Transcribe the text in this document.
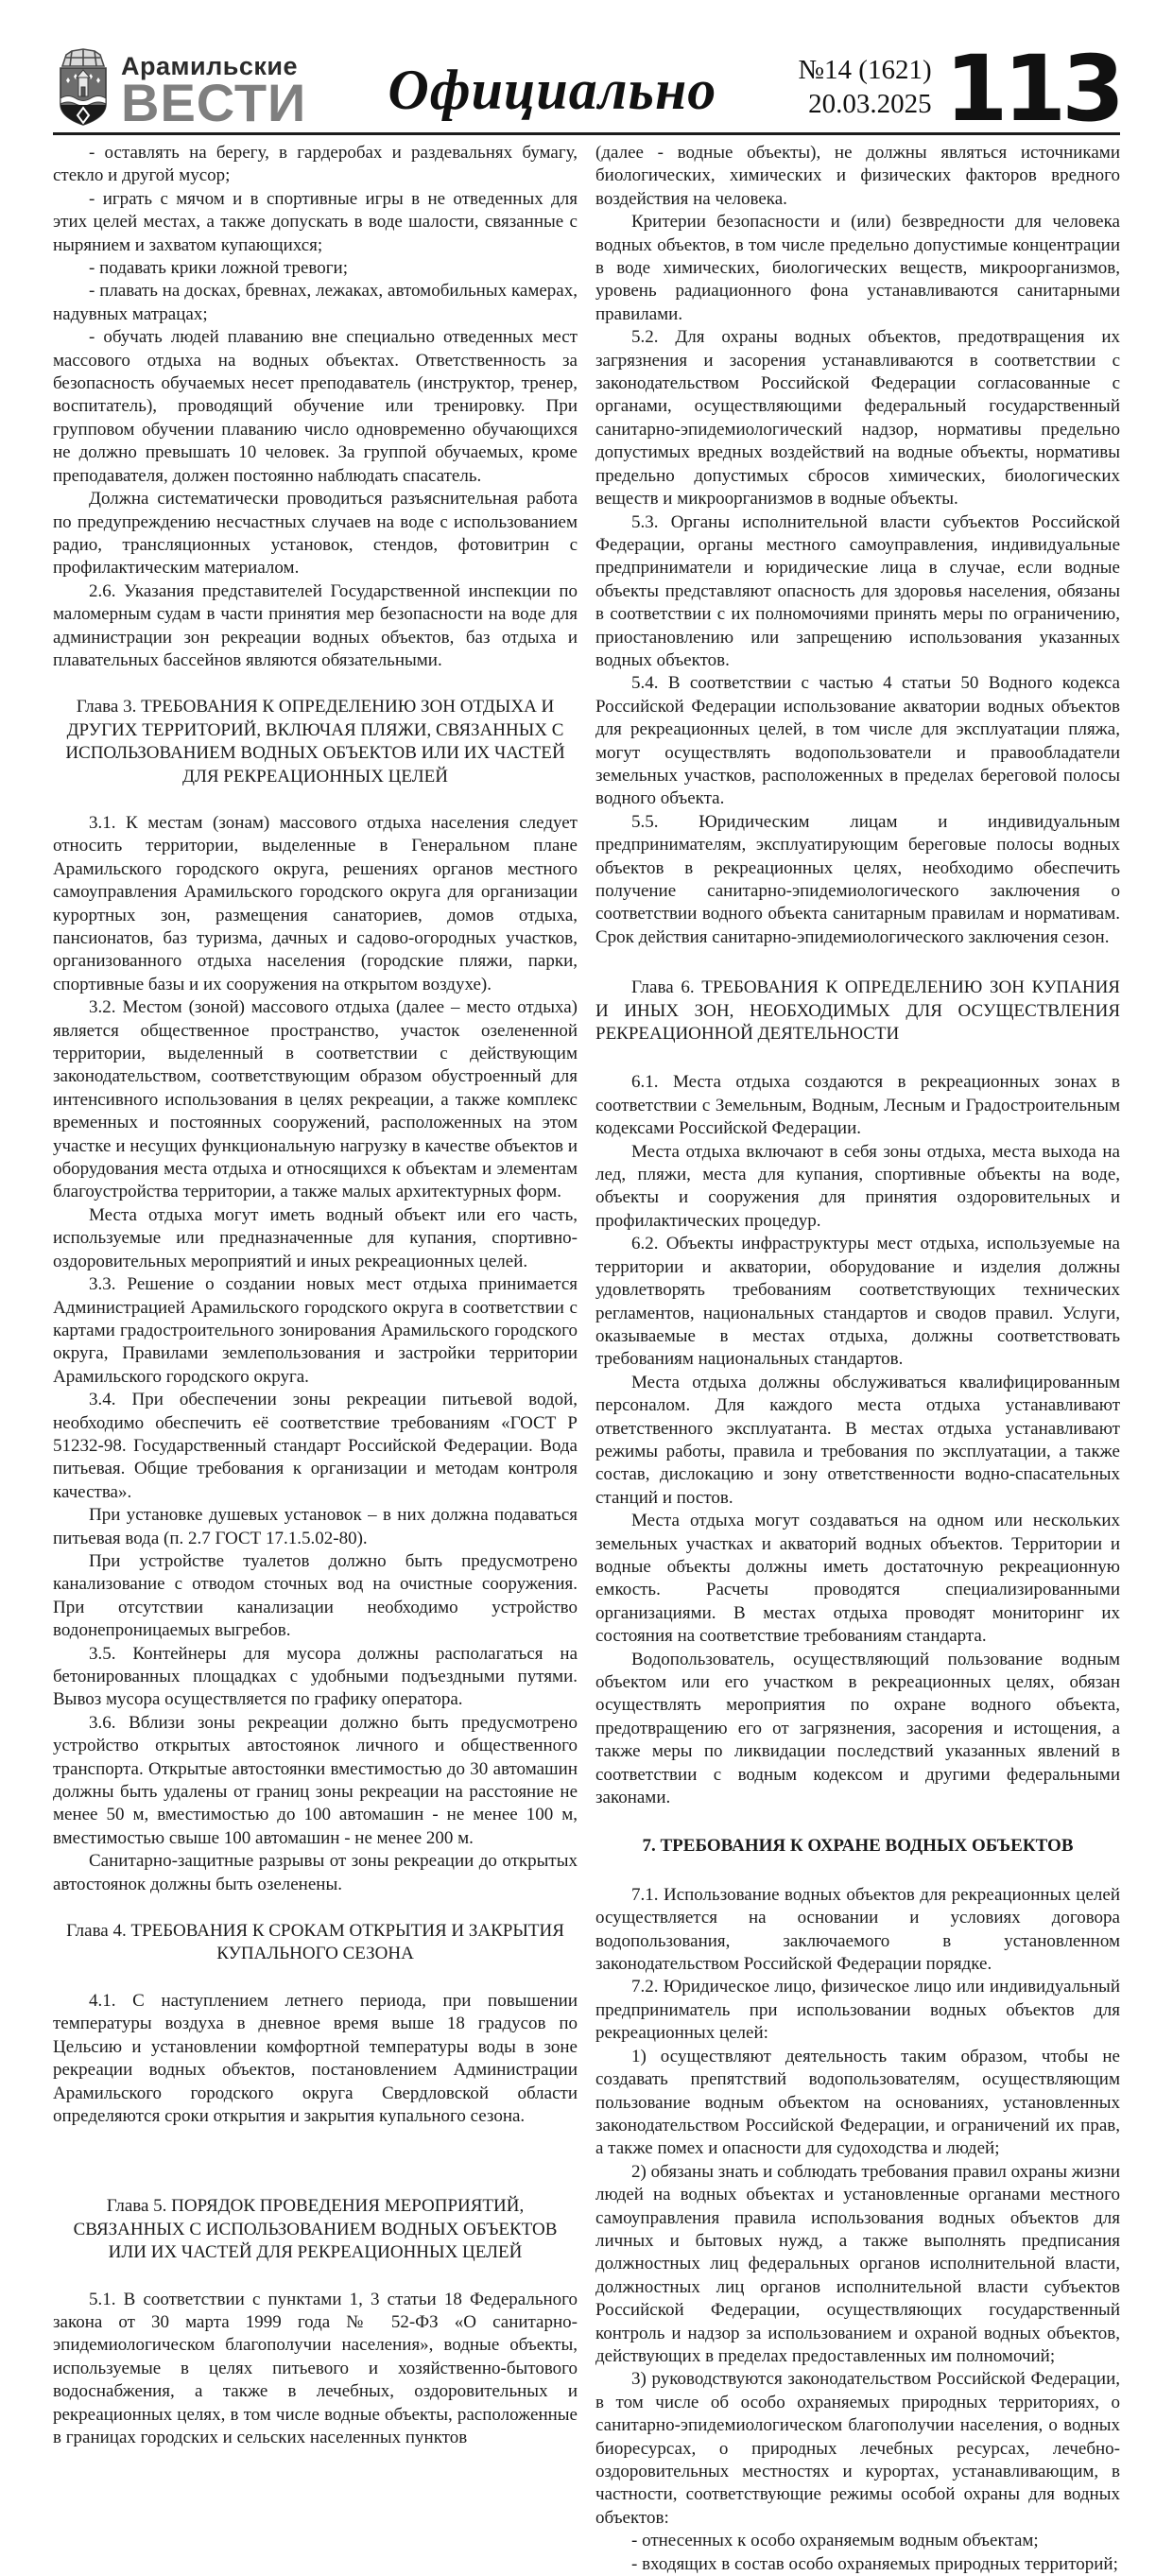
Арамильские
ВЕСТИ	Официально	№14 (1621)
20.03.2025 113

- оставлять на берегу, в гардеробах и раздевальнях бумагу, стекло и другой мусор;

- играть с мячом и в спортивные игры в не отведенных для этих целей местах, а также допускать в воде шалости, связанные с нырянием и захватом купающихся;

- подавать крики ложной тревоги;

- плавать на досках, бревнах, лежаках, автомобильных камерах, надувных матрацах;

- обучать людей плаванию вне специально отведенных мест массового отдыха на водных объектах. Ответственность за безопасность обучаемых несет преподаватель (инструктор, тренер, воспитатель), проводящий обучение или тренировку. При групповом обучении плаванию число одновременно обучающихся не должно превышать 10 человек. За группой обучаемых, кроме преподавателя, должен постоянно наблюдать спасатель.

Должна систематически проводиться разъяснительная работа по предупреждению несчастных случаев на воде с использованием радио, трансляционных установок, стендов, фотовитрин с профилактическим материалом.

2.6. Указания представителей Государственной инспекции по маломерным судам в части принятия мер безопасности на воде для администрации зон рекреации водных объектов, баз отдыха и плавательных бассейнов являются обязательными.

Глава 3. ТРЕБОВАНИЯ К ОПРЕДЕЛЕНИЮ ЗОН ОТДЫХА И ДРУГИХ ТЕРРИТОРИЙ, ВКЛЮЧАЯ ПЛЯЖИ, СВЯЗАННЫХ С ИСПОЛЬЗОВАНИЕМ ВОДНЫХ ОБЪЕКТОВ ИЛИ ИХ ЧАСТЕЙ ДЛЯ РЕКРЕАЦИОННЫХ ЦЕЛЕЙ

3.1. К местам (зонам) массового отдыха населения следует относить территории, выделенные в Генеральном плане Арамильского городского округа, решениях органов местного самоуправления Арамильского городского округа для организации курортных зон, размещения санаториев, домов отдыха, пансионатов, баз туризма, дачных и садово-огородных участков, организованного отдыха населения (городские пляжи, парки, спортивные базы и их сооружения на открытом воздухе).

3.2. Местом (зоной) массового отдыха (далее – место отдыха) является общественное пространство, участок озелененной территории, выделенный в соответствии с действующим законодательством, соответствующим образом обустроенный для интенсивного использования в целях рекреации, а также комплекс временных и постоянных сооружений, расположенных на этом участке и несущих функциональную нагрузку в качестве объектов и оборудования места отдыха и относящихся к объектам и элементам благоустройства территории, а также малых архитектурных форм.

Места отдыха могут иметь водный объект или его часть, используемые или предназначенные для купания, спортивно-оздоровительных мероприятий и иных рекреационных целей.

3.3. Решение о создании новых мест отдыха принимается Администрацией Арамильского городского округа в соответствии с картами градостроительного зонирования Арамильского городского округа, Правилами землепользования и застройки территории Арамильского городского округа.

3.4. При обеспечении зоны рекреации питьевой водой, необходимо обеспечить её соответствие требованиям «ГОСТ Р 51232-98. Государственный стандарт Российской Федерации. Вода питьевая. Общие требования к организации и методам контроля качества».

При установке душевых установок – в них должна подаваться питьевая вода (п. 2.7 ГОСТ 17.1.5.02-80).

При устройстве туалетов должно быть предусмотрено канализование с отводом сточных вод на очистные сооружения. При отсутствии канализации необходимо устройство водонепроницаемых выгребов.

3.5. Контейнеры для мусора должны располагаться на бетонированных площадках с удобными подъездными путями. Вывоз мусора осуществляется по графику оператора.

3.6. Вблизи зоны рекреации должно быть предусмотрено устройство открытых автостоянок личного и общественного транспорта. Открытые автостоянки вместимостью до 30 автомашин должны быть удалены от границ зоны рекреации на расстояние не менее 50 м, вместимостью до 100 автомашин - не менее 100 м, вместимостью свыше 100 автомашин - не менее 200 м.

Санитарно-защитные разрывы от зоны рекреации до открытых автостоянок должны быть озеленены.

Глава 4. ТРЕБОВАНИЯ К СРОКАМ ОТКРЫТИЯ И ЗАКРЫТИЯ КУПАЛЬНОГО СЕЗОНА

4.1. С наступлением летнего периода, при повышении температуры воздуха в дневное время выше 18 градусов по Цельсию и установлении комфортной температуры воды в зоне рекреации водных объектов, постановлением Администрации Арамильского городского округа Свердловской области определяются сроки открытия и закрытия купального сезона.

Глава 5. ПОРЯДОК ПРОВЕДЕНИЯ МЕРОПРИЯТИЙ, СВЯЗАННЫХ С ИСПОЛЬЗОВАНИЕМ ВОДНЫХ ОБЪЕКТОВ ИЛИ ИХ ЧАСТЕЙ ДЛЯ РЕКРЕАЦИОННЫХ ЦЕЛЕЙ

5.1. В соответствии с пунктами 1, 3 статьи 18 Федерального закона от 30 марта 1999 года № 52-ФЗ «О санитарно-эпидемиологическом благополучии населения», водные объекты, используемые в целях питьевого и хозяйственно-бытового водоснабжения, а также в лечебных, оздоровительных и рекреационных целях, в том числе водные объекты, расположенные в границах городских и сельских населенных пунктов

(далее - водные объекты), не должны являться источниками биологических, химических и физических факторов вредного воздействия на человека.

Критерии безопасности и (или) безвредности для человека водных объектов, в том числе предельно допустимые концентрации в воде химических, биологических веществ, микроорганизмов, уровень радиационного фона устанавливаются санитарными правилами.

5.2. Для охраны водных объектов, предотвращения их загрязнения и засорения устанавливаются в соответствии с законодательством Российской Федерации согласованные с органами, осуществляющими федеральный государственный санитарно-эпидемиологический надзор, нормативы предельно допустимых вредных воздействий на водные объекты, нормативы предельно допустимых сбросов химических, биологических веществ и микроорганизмов в водные объекты.

5.3. Органы исполнительной власти субъектов Российской Федерации, органы местного самоуправления, индивидуальные предприниматели и юридические лица в случае, если водные объекты представляют опасность для здоровья населения, обязаны в соответствии с их полномочиями принять меры по ограничению, приостановлению или запрещению использования указанных водных объектов.

5.4. В соответствии с частью 4 статьи 50 Водного кодекса Российской Федерации использование акватории водных объектов для рекреационных целей, в том числе для эксплуатации пляжа, могут осуществлять водопользователи и правообладатели земельных участков, расположенных в пределах береговой полосы водного объекта.

5.5. Юридическим лицам и индивидуальным предпринимателям, эксплуатирующим береговые полосы водных объектов в рекреационных целях, необходимо обеспечить получение санитарно-эпидемиологического заключения о соответствии водного объекта санитарным правилам и нормативам. Срок действия санитарно-эпидемиологического заключения сезон.

Глава 6. ТРЕБОВАНИЯ К ОПРЕДЕЛЕНИЮ ЗОН КУПАНИЯ И ИНЫХ ЗОН, НЕОБХОДИМЫХ ДЛЯ ОСУЩЕСТВЛЕНИЯ РЕКРЕАЦИОННОЙ ДЕЯТЕЛЬНОСТИ

6.1. Места отдыха создаются в рекреационных зонах в соответствии с Земельным, Водным, Лесным и Градостроительным кодексами Российской Федерации.

Места отдыха включают в себя зоны отдыха, места выхода на лед, пляжи, места для купания, спортивные объекты на воде, объекты и сооружения для принятия оздоровительных и профилактических процедур.

6.2. Объекты инфраструктуры мест отдыха, используемые на территории и акватории, оборудование и изделия должны удовлетворять требованиям соответствующих технических регламентов, национальных стандартов и сводов правил. Услуги, оказываемые в местах отдыха, должны соответствовать требованиям национальных стандартов.

Места отдыха должны обслуживаться квалифицированным персоналом. Для каждого места отдыха устанавливают ответственного эксплуатанта. В местах отдыха устанавливают режимы работы, правила и требования по эксплуатации, а также состав, дислокацию и зону ответственности водно-спасательных станций и постов.

Места отдыха могут создаваться на одном или нескольких земельных участках и акваторий водных объектов. Территории и водные объекты должны иметь достаточную рекреационную емкость. Расчеты проводятся специализированными организациями. В местах отдыха проводят мониторинг их состояния на соответствие требованиям стандарта.

Водопользователь, осуществляющий пользование водным объектом или его участком в рекреационных целях, обязан осуществлять мероприятия по охране водного объекта, предотвращению его от загрязнения, засорения и истощения, а также меры по ликвидации последствий указанных явлений в соответствии с водным кодексом и другими федеральными законами.

7. ТРЕБОВАНИЯ К ОХРАНЕ ВОДНЫХ ОБЪЕКТОВ

7.1. Использование водных объектов для рекреационных целей осуществляется на основании и условиях договора водопользования, заключаемого в установленном законодательством Российской Федерации порядке.

7.2. Юридическое лицо, физическое лицо или индивидуальный предприниматель при использовании водных объектов для рекреационных целей:

1) осуществляют деятельность таким образом, чтобы не создавать препятствий водопользователям, осуществляющим пользование водным объектом на основаниях, установленных законодательством Российской Федерации, и ограничений их прав, а также помех и опасности для судоходства и людей;

2) обязаны знать и соблюдать требования правил охраны жизни людей на водных объектах и установленные органами местного самоуправления правила использования водных объектов для личных и бытовых нужд, а также выполнять предписания должностных лиц федеральных органов исполнительной власти, должностных лиц органов исполнительной власти субъектов Российской Федерации, осуществляющих государственный контроль и надзор за использованием и охраной водных объектов, действующих в пределах предоставленных им полномочий;

3) руководствуются законодательством Российской Федерации, в том числе об особо охраняемых природных территориях, о санитарно-эпидемиологическом благополучии населения, о водных биоресурсах, о природных лечебных ресурсах, лечебно-оздоровительных местностях и курортах, устанавливающим, в частности, соответствующие режимы особой охраны для водных объектов:

- отнесенных к особо охраняемым водным объектам;

- входящих в состав особо охраняемых природных территорий;
